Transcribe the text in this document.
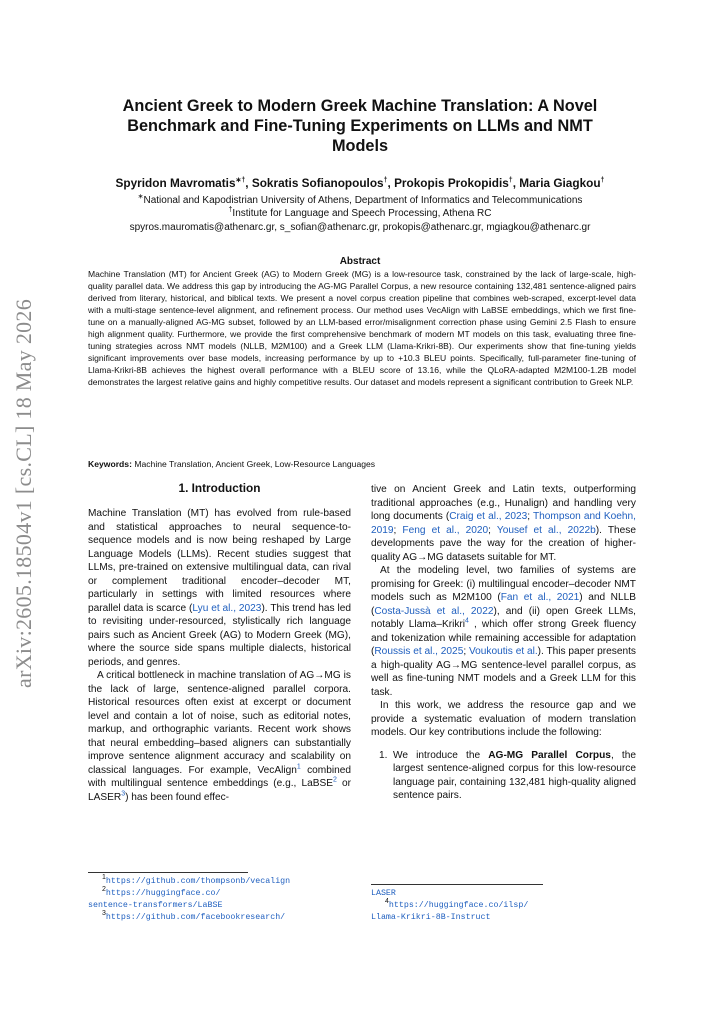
arXiv:2605.18504v1 [cs.CL] 18 May 2026
Ancient Greek to Modern Greek Machine Translation: A Novel
Benchmark and Fine-Tuning Experiments on LLMs and NMT
Models
Spyridon Mavromatis∗†, Sokratis Sofianopoulos†, Prokopis Prokopidis†, Maria Giagkou†
∗National and Kapodistrian University of Athens, Department of Informatics and Telecommunications
†Institute for Language and Speech Processing, Athena RC
spyros.mauromatis@athenarc.gr, s_sofian@athenarc.gr, prokopis@athenarc.gr, mgiagkou@athenarc.gr
Abstract
Machine Translation (MT) for Ancient Greek (AG) to Modern Greek (MG) is a low-resource task, constrained by the lack of large-scale, high-quality parallel data. We address this gap by introducing the AG-MG Parallel Corpus, a new resource containing 132,481 sentence-aligned pairs derived from literary, historical, and biblical texts. We present a novel corpus creation pipeline that combines web-scraped, excerpt-level data with a multi-stage sentence-level alignment, and refinement process. Our method uses VecAlign with LaBSE embeddings, which we first fine-tune on a manually-aligned AG-MG subset, followed by an LLM-based error/misalignment correction phase using Gemini 2.5 Flash to ensure high alignment quality. Furthermore, we provide the first comprehensive benchmark of modern MT models on this task, evaluating three fine-tuning strategies across NMT models (NLLB, M2M100) and a Greek LLM (Llama-Krikri-8B). Our experiments show that fine-tuning yields significant improvements over base models, increasing performance by up to +10.3 BLEU points. Specifically, full-parameter fine-tuning of Llama-Krikri-8B achieves the highest overall performance with a BLEU score of 13.16, while the QLoRA-adapted M2M100-1.2B model demonstrates the largest relative gains and highly competitive results. Our dataset and models represent a significant contribution to Greek NLP.
Keywords: Machine Translation, Ancient Greek, Low-Resource Languages
1. Introduction

Machine Translation (MT) has evolved from rule-based and statistical approaches to neural sequence-to-sequence models and is now being reshaped by Large Language Models (LLMs). Recent studies suggest that LLMs, pre-trained on extensive multilingual data, can rival or complement traditional encoder–decoder MT, particularly in settings with limited resources where parallel data is scarce (Lyu et al., 2023). This trend has led to revisiting under-resourced, stylistically rich language pairs such as Ancient Greek (AG) to Modern Greek (MG), where the source side spans multiple dialects, historical periods, and genres.

A critical bottleneck in machine translation of AG→MG is the lack of large, sentence-aligned parallel corpora. Historical resources often exist at excerpt or document level and contain a lot of noise, such as editorial notes, markup, and orthographic variants. Recent work shows that neural embedding–based aligners can substantially improve sentence alignment accuracy and scalability on classical languages. For example, VecAlign$^1$ combined with multilingual sentence embeddings (e.g., LaBSE$^2$ or LASER$^3$) has been found effec-

tive on Ancient Greek and Latin texts, outperforming traditional approaches (e.g., Hunalign) and handling very long documents (Craig et al., 2023; Thompson and Koehn, 2019; Feng et al., 2020; Yousef et al., 2022b). These developments pave the way for the creation of higher-quality AG→MG datasets suitable for MT.

At the modeling level, two families of systems are promising for Greek: (i) multilingual encoder–decoder NMT models such as M2M100 (Fan et al., 2021) and NLLB (Costa-Jussà et al., 2022), and (ii) open Greek LLMs, notably Llama–Krikri$^4$ , which offer strong Greek fluency and tokenization while remaining accessible for adaptation (Roussis et al., 2025; Voukoutis et al.). This paper presents a high-quality AG→MG sentence-level parallel corpus, as well as fine-tuning NMT models and a Greek LLM for this task.

In this work, we address the resource gap and we provide a systematic evaluation of modern translation models. Our key contributions include the following:

1. We introduce the AG-MG Parallel Corpus, the largest sentence-aligned corpus for this low-resource language pair, containing 132,481 high-quality aligned sentence pairs.
$^1$https://github.com/thompsonb/vecalign
$^2$https://huggingface.co/
sentence-transformers/LaBSE
$^3$https://github.com/facebookresearch/
LASER
$^4$https://huggingface.co/ilsp/
Llama-Krikri-8B-Instruct
